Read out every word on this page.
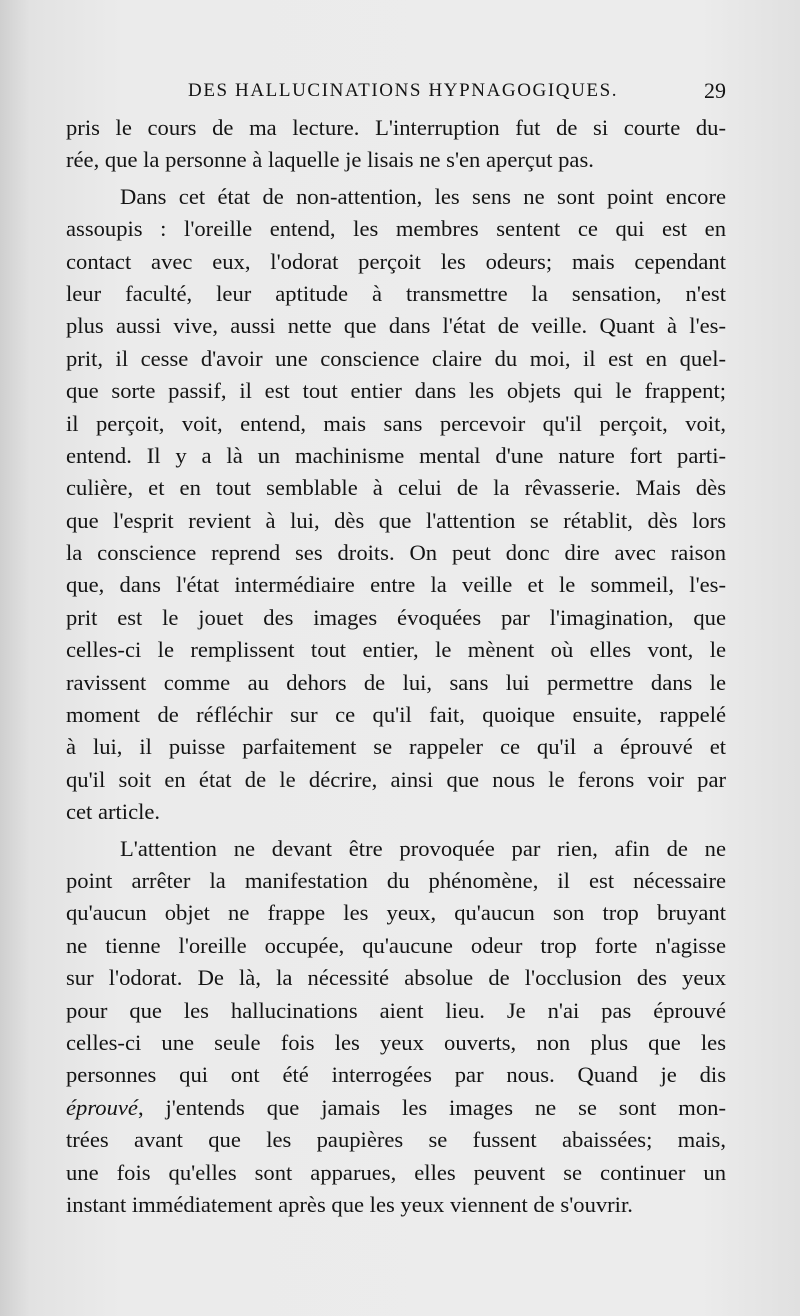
DES HALLUCINATIONS HYPNAGOGIQUES.	29
pris le cours de ma lecture. L'interruption fut de si courte du-
rée, que la personne à laquelle je lisais ne s'en aperçut pas.
Dans cet état de non-attention, les sens ne sont point encore
assoupis : l'oreille entend, les membres sentent ce qui est en
contact avec eux, l'odorat perçoit les odeurs; mais cependant
leur faculté, leur aptitude à transmettre la sensation, n'est
plus aussi vive, aussi nette que dans l'état de veille. Quant à l'es-
prit, il cesse d'avoir une conscience claire du moi, il est en quel-
que sorte passif, il est tout entier dans les objets qui le frappent;
il perçoit, voit, entend, mais sans percevoir qu'il perçoit, voit,
entend. Il y a là un machinisme mental d'une nature fort parti-
culière, et en tout semblable à celui de la rêvasserie. Mais dès
que l'esprit revient à lui, dès que l'attention se rétablit, dès lors
la conscience reprend ses droits. On peut donc dire avec raison
que, dans l'état intermédiaire entre la veille et le sommeil, l'es-
prit est le jouet des images évoquées par l'imagination, que
celles-ci le remplissent tout entier, le mènent où elles vont, le
ravissent comme au dehors de lui, sans lui permettre dans le
moment de réfléchir sur ce qu'il fait, quoique ensuite, rappelé
à lui, il puisse parfaitement se rappeler ce qu'il a éprouvé et
qu'il soit en état de le décrire, ainsi que nous le ferons voir par
cet article.
L'attention ne devant être provoquée par rien, afin de ne
point arrêter la manifestation du phénomène, il est nécessaire
qu'aucun objet ne frappe les yeux, qu'aucun son trop bruyant
ne tienne l'oreille occupée, qu'aucune odeur trop forte n'agisse
sur l'odorat. De là, la nécessité absolue de l'occlusion des yeux
pour que les hallucinations aient lieu. Je n'ai pas éprouvé
celles-ci une seule fois les yeux ouverts, non plus que les
personnes qui ont été interrogées par nous. Quand je dis
éprouvé, j'entends que jamais les images ne se sont mon-
trées avant que les paupières se fussent abaissées; mais,
une fois qu'elles sont apparues, elles peuvent se continuer un
instant immédiatement après que les yeux viennent de s'ouvrir.
